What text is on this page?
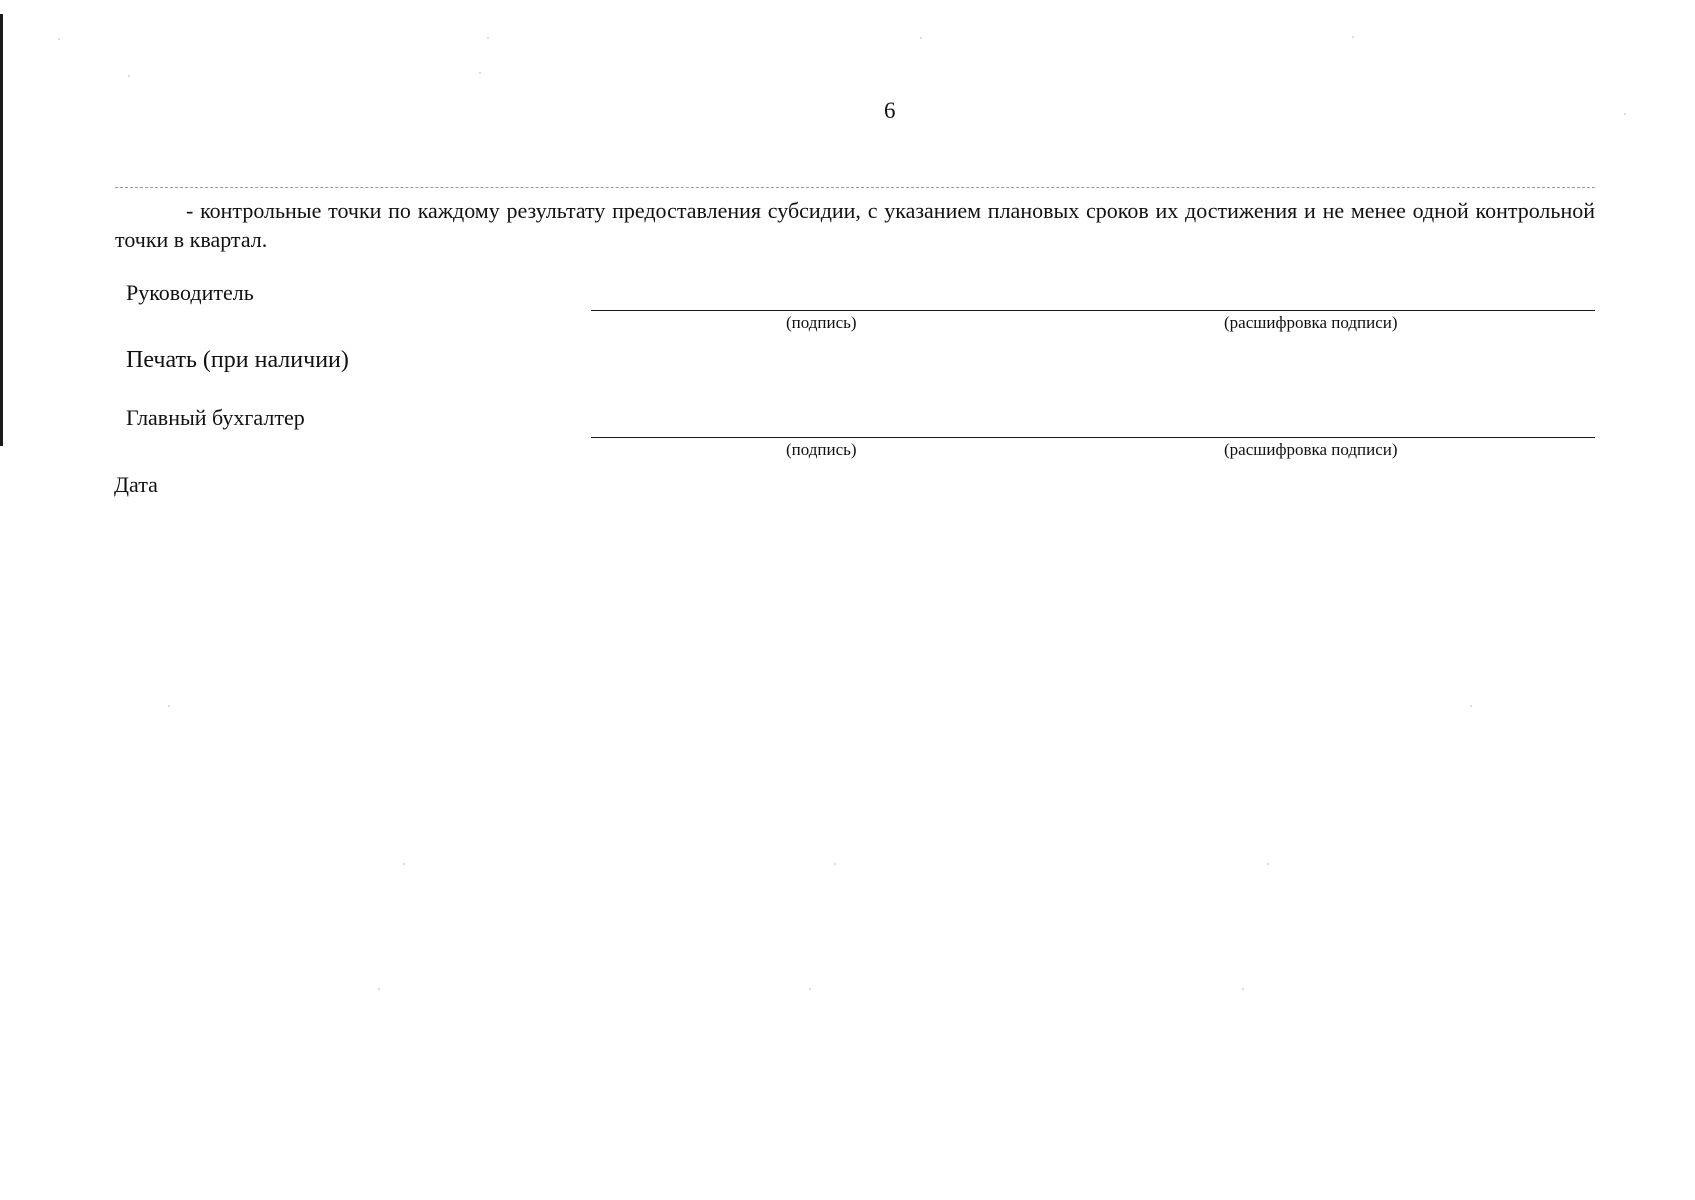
6

- контрольные точки по каждому результату предоставления субсидии, с указанием плановых сроков их достижения и не менее одной контрольной точки в квартал.

Руководитель
(подпись)	(расшифровка подписи)
Печать (при наличии)
Главный бухгалтер
(подпись)	(расшифровка подписи)
Дата
